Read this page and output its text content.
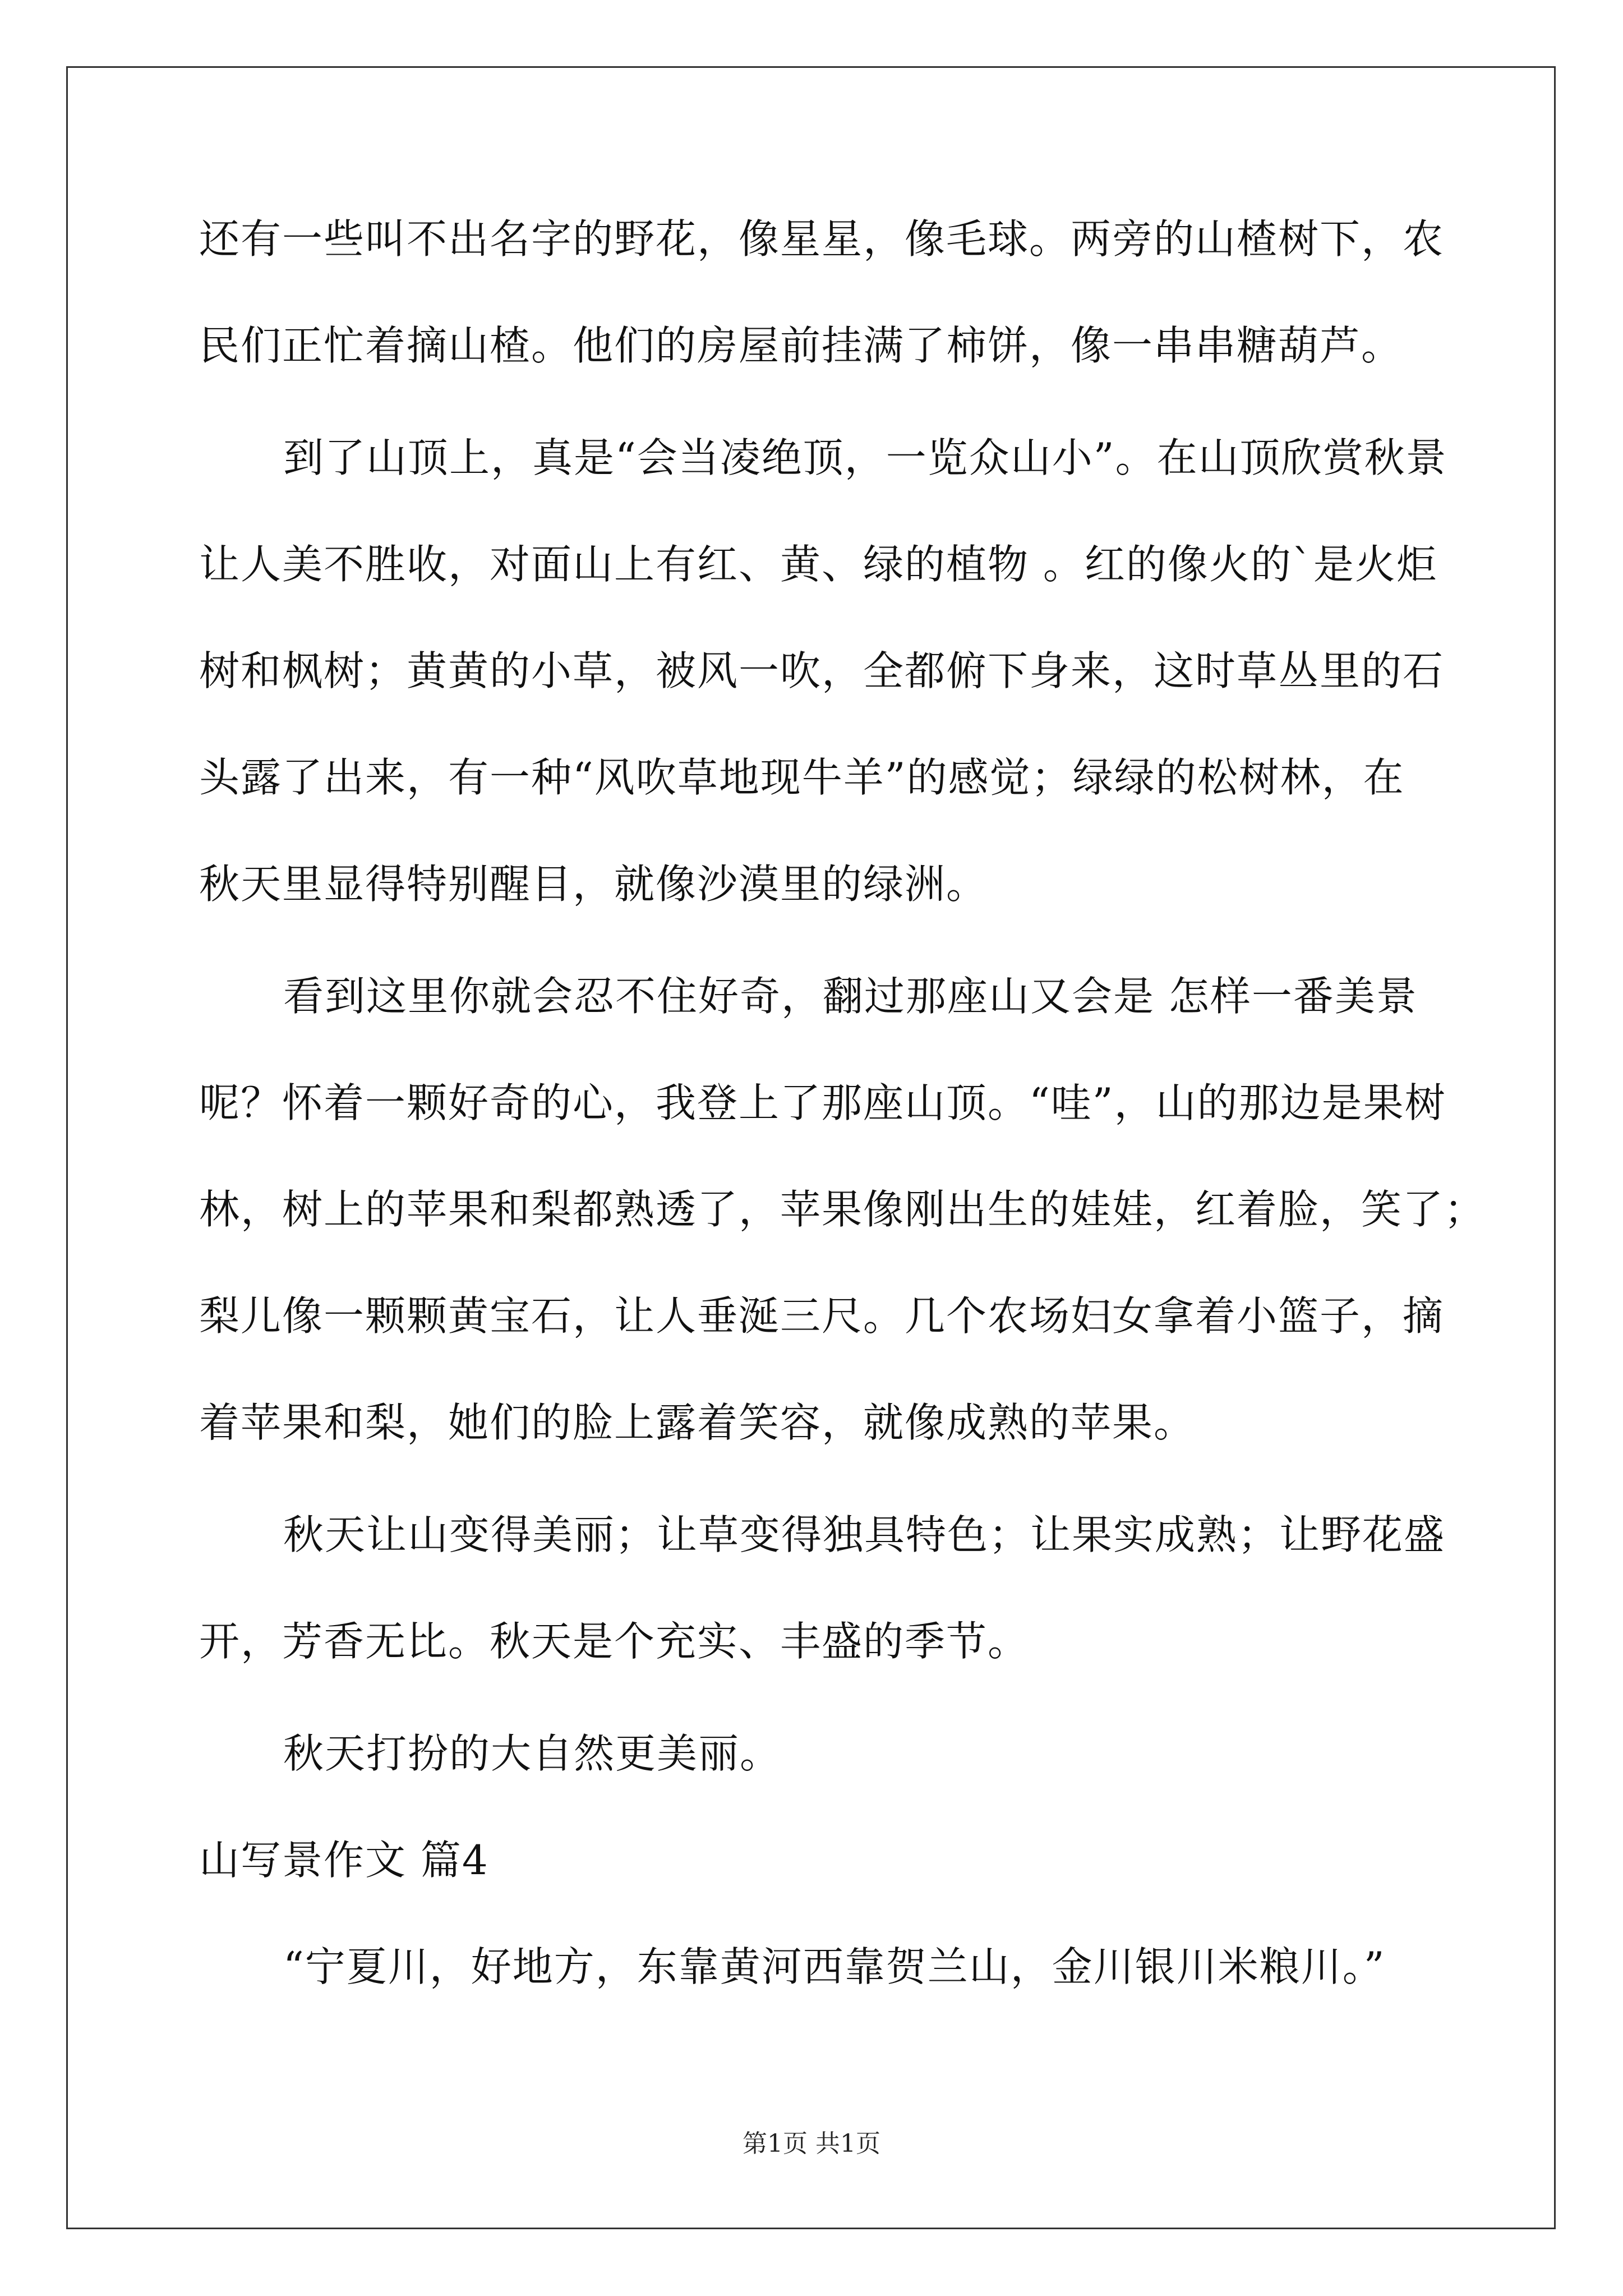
还有一些叫不出名字的野花，像星星，像毛球。两旁的山楂树下，农
民们正忙着摘山楂。他们的房屋前挂满了柿饼，像一串串糖葫芦。
到了山顶上，真是“会当凌绝顶，一览众山小”。在山顶欣赏秋景
让人美不胜收，对面山上有红、黄、绿的植物 。红的像火的`是火炬
树和枫树；黄黄的小草，被风一吹，全都俯下身来，这时草丛里的石
头露了出来，有一种“风吹草地现牛羊”的感觉；绿绿的松树林，在
秋天里显得特别醒目，就像沙漠里的绿洲。
看到这里你就会忍不住好奇，翻过那座山又会是 怎样一番美景
呢？怀着一颗好奇的心，我登上了那座山顶。“哇”，山的那边是果树
林，树上的苹果和梨都熟透了，苹果像刚出生的娃娃，红着脸，笑了；
梨儿像一颗颗黄宝石，让人垂涎三尺。几个农场妇女拿着小篮子，摘
着苹果和梨，她们的脸上露着笑容，就像成熟的苹果。
秋天让山变得美丽；让草变得独具特色；让果实成熟；让野花盛
开，芳香无比。秋天是个充实、丰盛的季节。
秋天打扮的大自然更美丽。
山写景作文 篇4
“宁夏川，好地方，东靠黄河西靠贺兰山，金川银川米粮川。”
第1页 共1页
